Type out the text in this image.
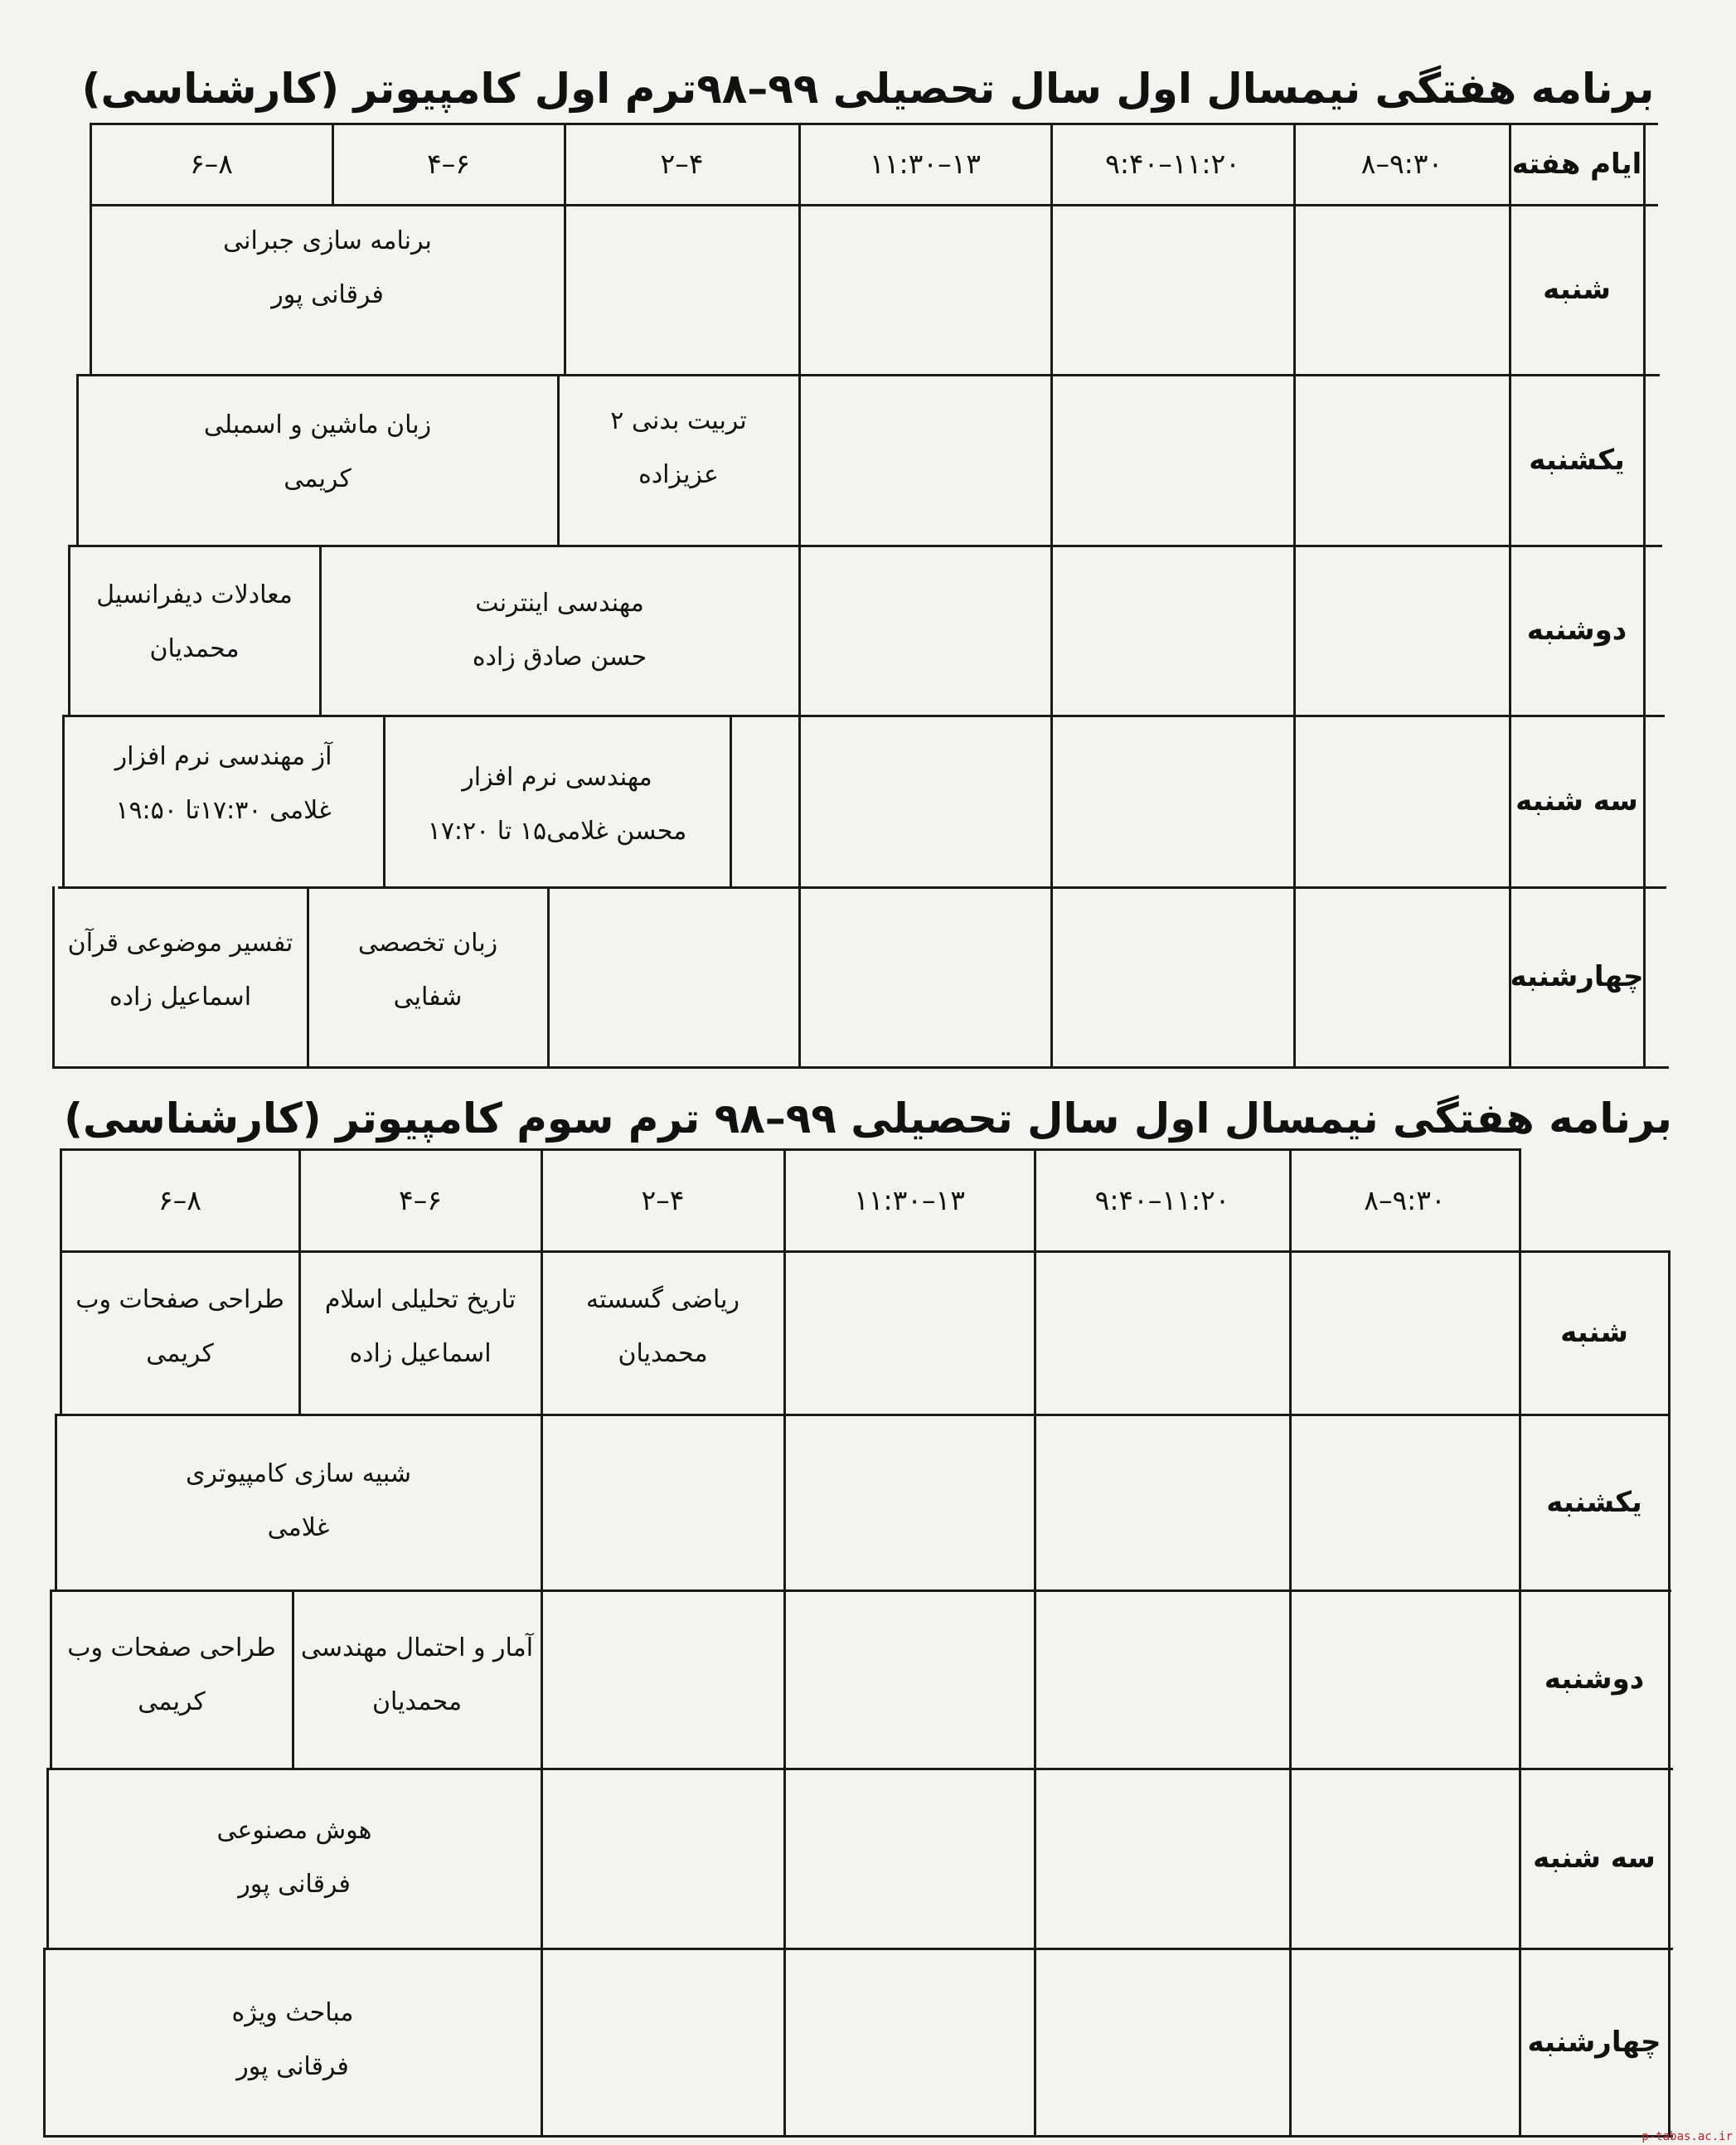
برنامه هفتگی نیمسال اول سال تحصیلی ۹۹–۹۸ترم اول کامپیوتر (کارشناسی)
ایام هفته
۸–۹:۳۰
۹:۴۰–۱۱:۲۰
۱۱:۳۰–۱۳
۲–۴
۴–۶
۶–۸
شنبه
یکشنبه
دوشنبه
سه شنبه
چهارشنبه
برنامه سازی جبرانی
فرقانی پور
تربیت بدنی ۲
عزیزاده
زبان ماشین و اسمبلی
کریمی
مهندسی اینترنت
حسن صادق زاده
معادلات دیفرانسیل
محمدیان
مهندسی نرم افزار
محسن غلامی۱۵ تا ۱۷:۲۰
آز مهندسی نرم افزار
غلامی ۱۷:۳۰تا ۱۹:۵۰
زبان تخصصی
شفایی
تفسیر موضوعی قرآن
اسماعیل زاده
برنامه هفتگی نیمسال اول سال تحصیلی ۹۹–۹۸ ترم سوم کامپیوتر (کارشناسی)
۸–۹:۳۰
۹:۴۰–۱۱:۲۰
۱۱:۳۰–۱۳
۲–۴
۴–۶
۶–۸
شنبه
یکشنبه
دوشنبه
سه شنبه
چهارشنبه
ریاضی گسسته
محمدیان
تاریخ تحلیلی اسلام
اسماعیل زاده
طراحی صفحات وب
کریمی
شبیه سازی کامپیوتری
غلامی
آمار و احتمال مهندسی
محمدیان
طراحی صفحات وب
کریمی
هوش مصنوعی
فرقانی پور
مباحث ویژه
فرقانی پور
p-tabas.ac.ir
